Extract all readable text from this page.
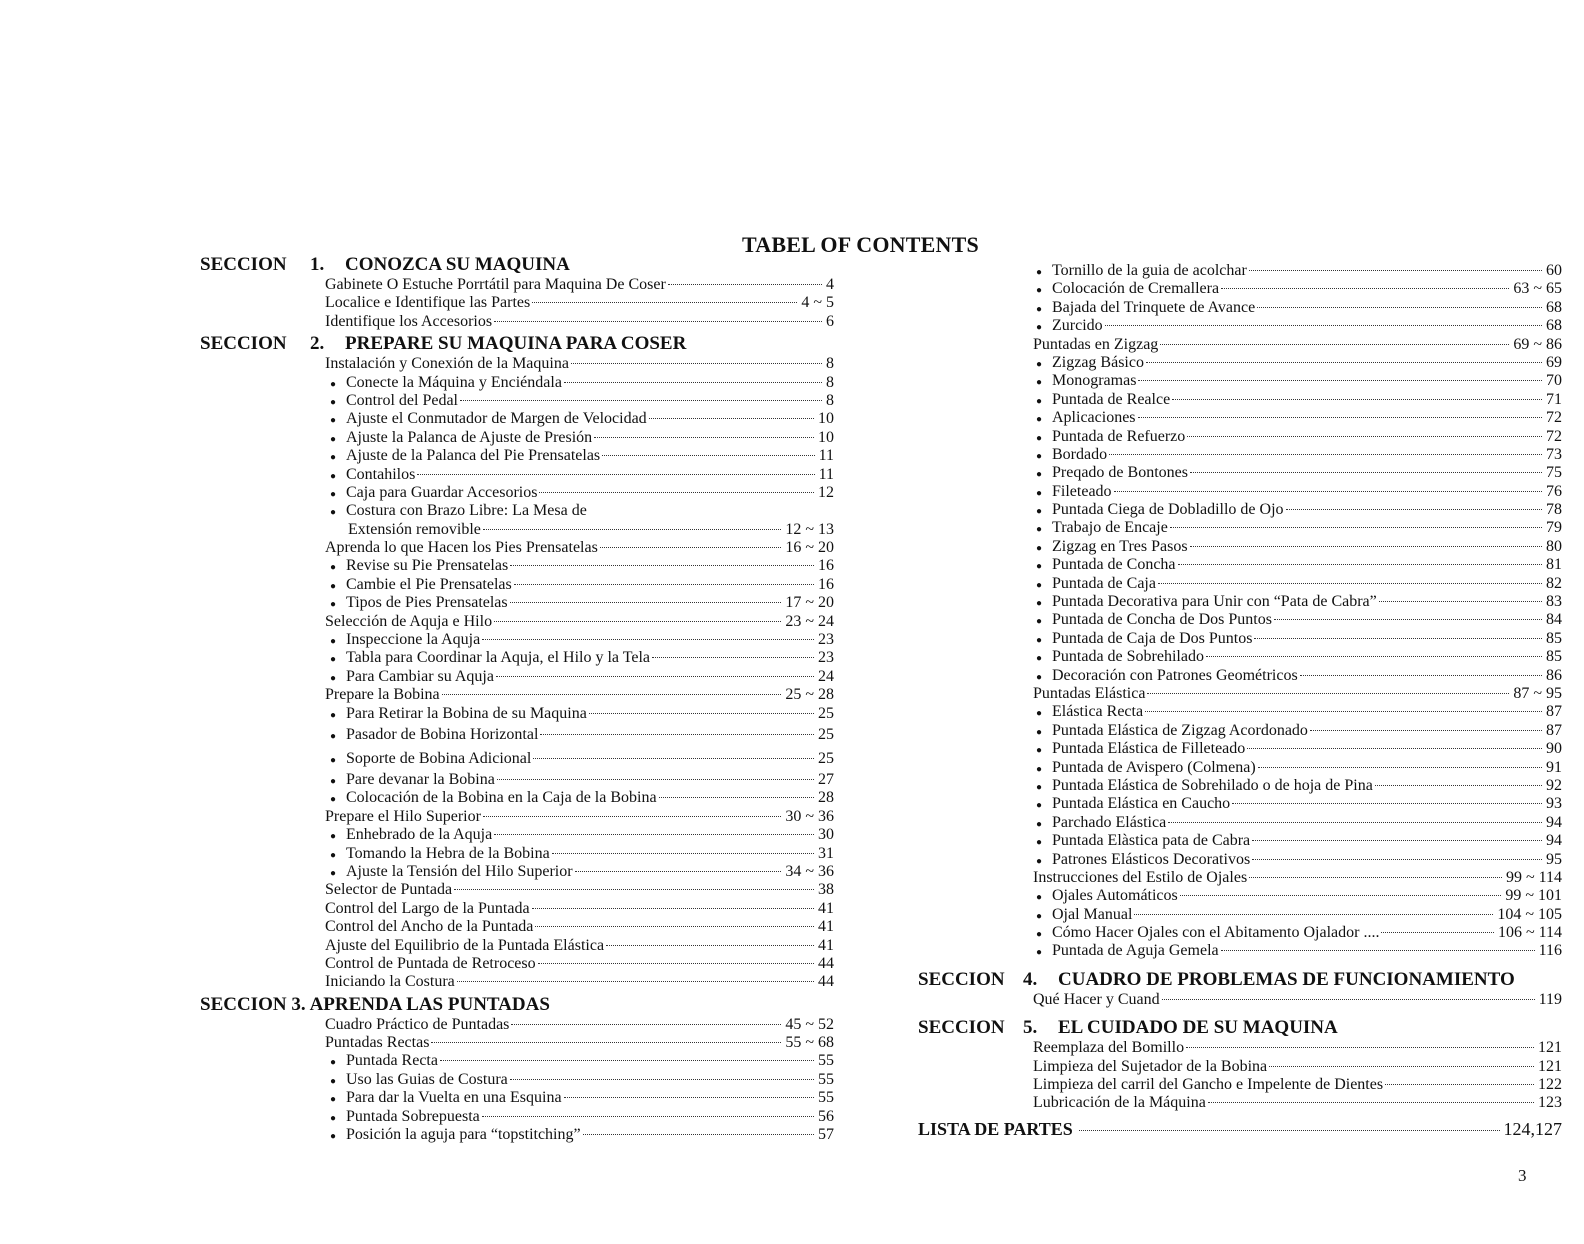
TABEL OF CONTENTS
SECCION	1.	CONOZCA SU MAQUINA
Gabinete O Estuche Porrtátil para Maquina De Coser	4
Localice e Identifique las Partes	4 ~ 5
Identifique los Accesorios	6
SECCION	2.	PREPARE SU MAQUINA PARA COSER
Instalación y Conexión de la Maquina	8
● Conecte la Máquina y Enciéndala	8
● Control del Pedal	8
● Ajuste el Conmutador de Margen de Velocidad	10
● Ajuste la Palanca de Ajuste de Presión	10
● Ajuste de la Palanca del Pie Prensatelas	11
● Contahilos	11
● Caja para Guardar Accesorios	12
● Costura con Brazo Libre: La Mesa de
Extensión removible	12 ~ 13
Aprenda lo que Hacen los Pies Prensatelas	16 ~ 20
● Revise su Pie Prensatelas	16
● Cambie el Pie Prensatelas	16
● Tipos de Pies Prensatelas	17 ~ 20
Selección de Aquja e Hilo	23 ~ 24
● Inspeccione la Aquja	23
● Tabla para Coordinar la Aquja, el Hilo y la Tela	23
● Para Cambiar su Aquja	24
Prepare la Bobina	25 ~ 28
● Para Retirar la Bobina de su Maquina	25
● Pasador de Bobina Horizontal	25
● Soporte de Bobina Adicional	25
● Pare devanar la Bobina	27
● Colocación de la Bobina en la Caja de la Bobina	28
Prepare el Hilo Superior	30 ~ 36
● Enhebrado de la Aquja	30
● Tomando la Hebra de la Bobina	31
● Ajuste la Tensión del Hilo Superior	34 ~ 36
Selector de Puntada	38
Control del Largo de la Puntada	41
Control del Ancho de la Puntada	41
Ajuste del Equilibrio de la Puntada Elástica	41
Control de Puntada de Retroceso	44
Iniciando la Costura	44
SECCION 3. APRENDA LAS PUNTADAS
Cuadro Práctico de Puntadas	45 ~ 52
Puntadas Rectas	55 ~ 68
● Puntada Recta	55
● Uso las Guias de Costura	55
● Para dar la Vuelta en una Esquina	55
● Puntada Sobrepuesta	56
● Posición la aguja para “topstitching”	57
● Tornillo de la guia de acolchar	60
● Colocación de Cremallera	63 ~ 65
● Bajada del Trinquete de Avance	68
● Zurcido	68
Puntadas en Zigzag	69 ~ 86
● Zigzag Básico	69
● Monogramas	70
● Puntada de Realce	71
● Aplicaciones	72
● Puntada de Refuerzo	72
● Bordado	73
● Preqado de Bontones	75
● Fileteado	76
● Puntada Ciega de Dobladillo de Ojo	78
● Trabajo de Encaje	79
● Zigzag en Tres Pasos	80
● Puntada de Concha	81
● Puntada de Caja	82
● Puntada Decorativa para Unir con “Pata de Cabra”	83
● Puntada de Concha de Dos Puntos	84
● Puntada de Caja de Dos Puntos	85
● Puntada de Sobrehilado	85
● Decoración con Patrones Geométricos	86
Puntadas Elástica	87 ~ 95
● Elástica Recta	87
● Puntada Elástica de Zigzag Acordonado	87
● Puntada Elástica de Filleteado	90
● Puntada de Avispero (Colmena)	91
● Puntada Elástica de Sobrehilado o de hoja de Pina	92
● Puntada Elástica en Caucho	93
● Parchado Elástica	94
● Puntada Elàstica pata de Cabra	94
● Patrones Elásticos Decorativos	95
Instrucciones del Estilo de Ojales	99 ~ 114
● Ojales Automáticos	99 ~ 101
● Ojal Manual	104 ~ 105
● Cómo Hacer Ojales con el Abitamento Ojalador ....	106 ~ 114
● Puntada de Aguja Gemela	116
SECCION 4.	CUADRO DE PROBLEMAS DE FUNCIONAMIENTO
Qué Hacer y Cuand	119
SECCION 5.	EL CUIDADO DE SU MAQUINA
Reemplaza del Bomillo	121
Limpieza del Sujetador de la Bobina	121
Limpieza del carril del Gancho e Impelente de Dientes	122
Lubricación de la Máquina	123
LISTA DE PARTES	124,127
3
